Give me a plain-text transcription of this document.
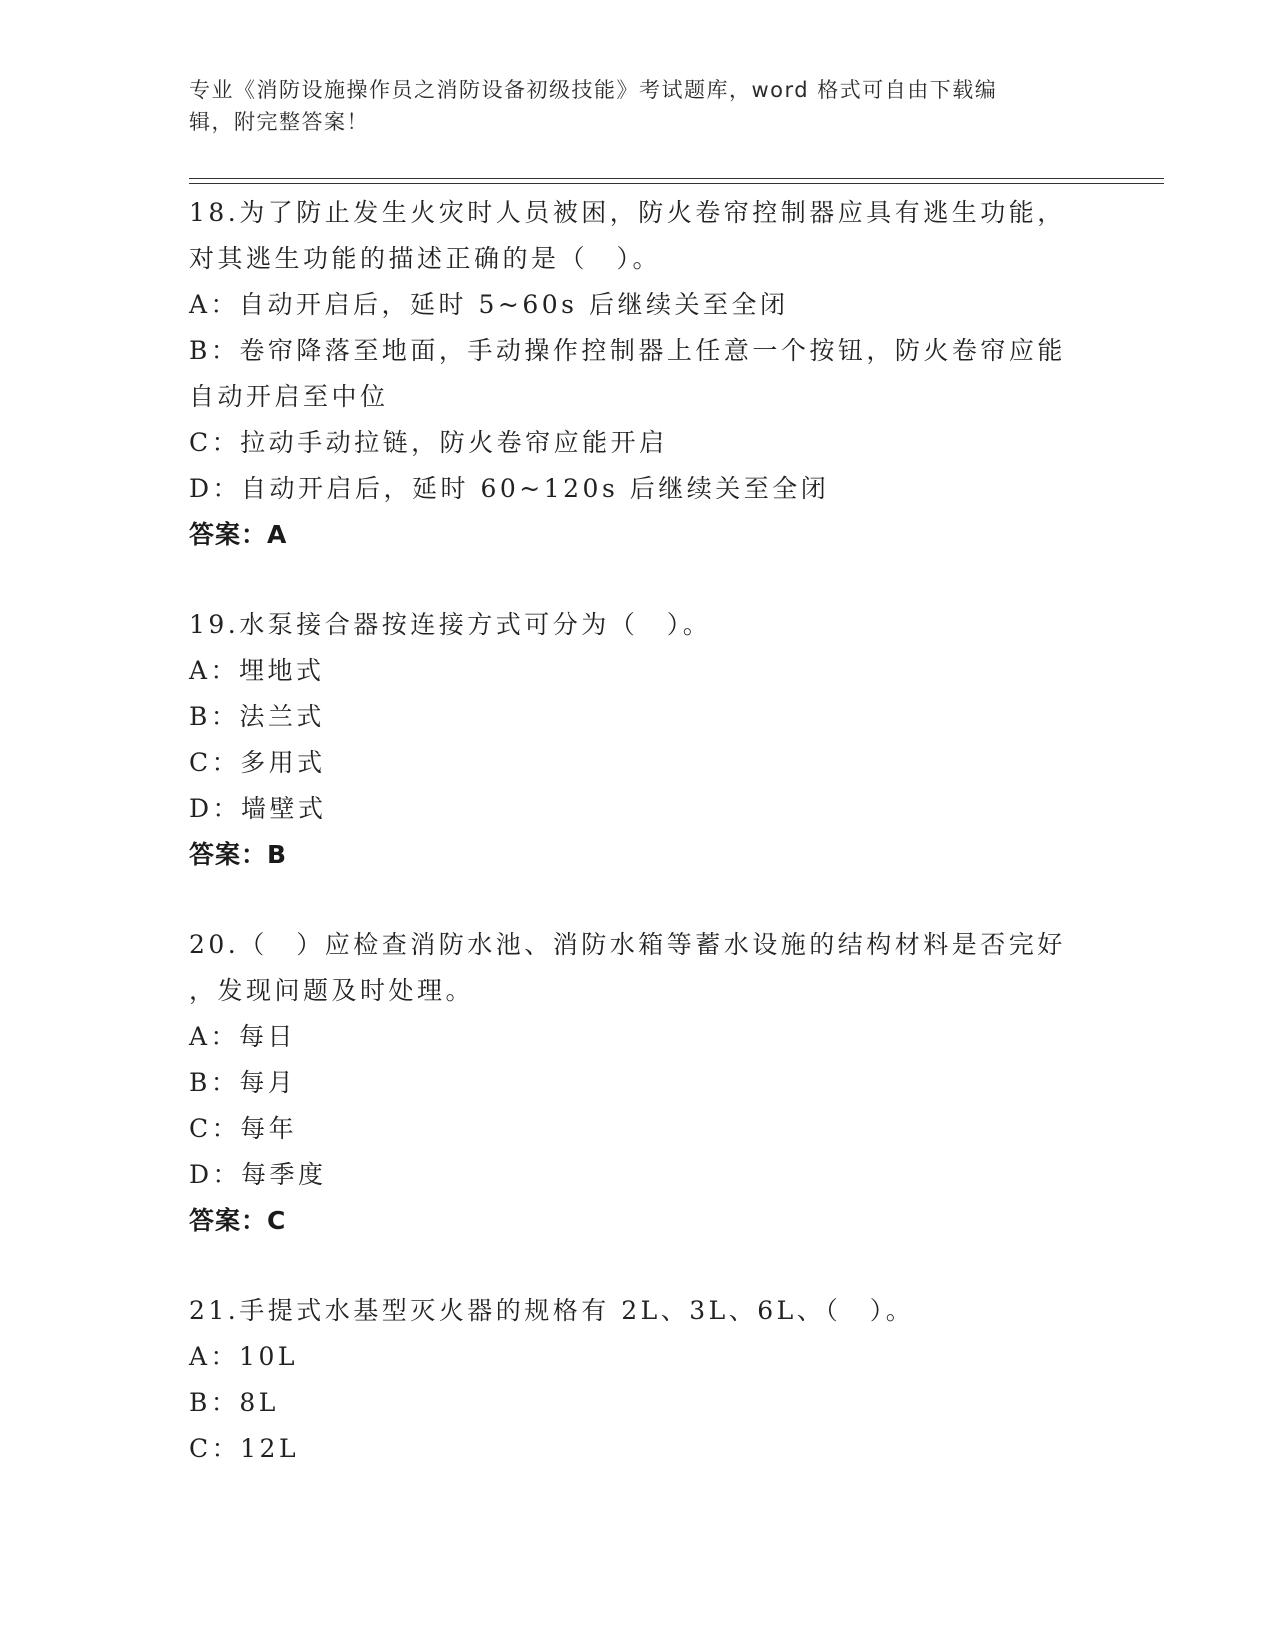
专业《消防设施操作员之消防设备初级技能》考试题库，word 格式可自由下载编
辑，附完整答案！
18.为了防止发生火灾时人员被困，防火卷帘控制器应具有逃生功能，
对其逃生功能的描述正确的是（　）。
A：自动开启后，延时 5~60s 后继续关至全闭
B：卷帘降落至地面，手动操作控制器上任意一个按钮，防火卷帘应能
自动开启至中位
C：拉动手动拉链，防火卷帘应能开启
D：自动开启后，延时 60~120s 后继续关至全闭
答案：A
19.水泵接合器按连接方式可分为（　）。
A：埋地式
B：法兰式
C：多用式
D：墙壁式
答案：B
20.（　）应检查消防水池、消防水箱等蓄水设施的结构材料是否完好
，发现问题及时处理。
A：每日
B：每月
C：每年
D：每季度
答案：C
21.手提式水基型灭火器的规格有 2L、3L、6L、（　）。
A：10L
B：8L
C：12L
